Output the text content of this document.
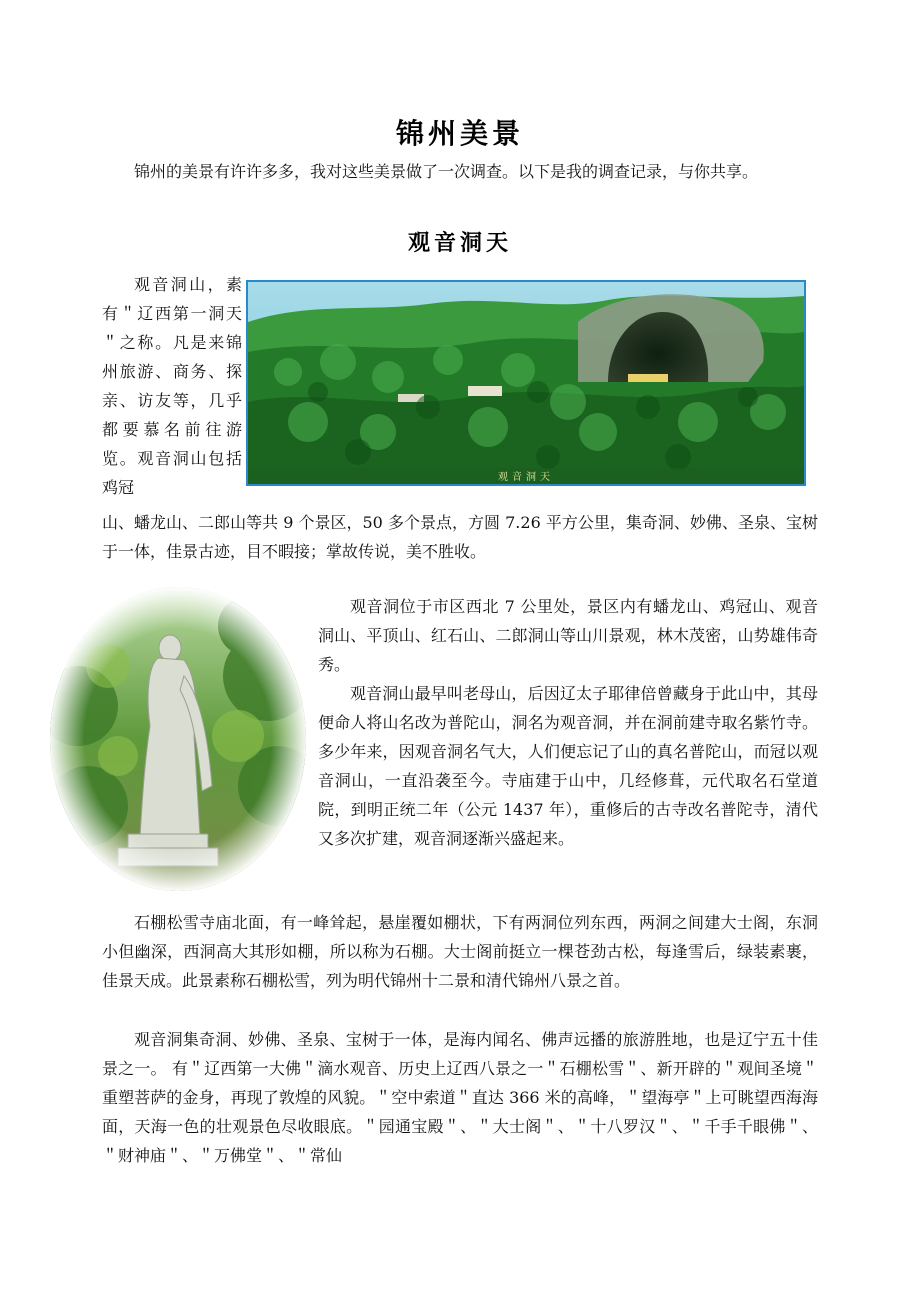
锦州美景

锦州的美景有许许多多，我对这些美景做了一次调查。以下是我的调查记录，与你共享。

观音洞天

观音洞山，素有＂辽西第一洞天＂之称。凡是来锦州旅游、商务、探亲、访友等，几乎都要慕名前往游览。观音洞山包括鸡冠

观音洞天

山、蟠龙山、二郎山等共 9 个景区，50 多个景点，方圆 7.26 平方公里，集奇洞、妙佛、圣泉、宝树于一体，佳景古迹，目不暇接；掌故传说，美不胜收。

观音洞位于市区西北 7 公里处，景区内有蟠龙山、鸡冠山、观音洞山、平顶山、红石山、二郎洞山等山川景观，林木茂密，山势雄伟奇秀。

观音洞山最早叫老母山，后因辽太子耶律倍曾藏身于此山中，其母便命人将山名改为普陀山，洞名为观音洞，并在洞前建寺取名紫竹寺。多少年来，因观音洞名气大，人们便忘记了山的真名普陀山，而冠以观音洞山，一直沿袭至今。寺庙建于山中，几经修葺，元代取名石堂道院，到明正统二年（公元 1437 年），重修后的古寺改名普陀寺，清代又多次扩建，观音洞逐渐兴盛起来。

石棚松雪寺庙北面，有一峰耸起，悬崖覆如棚状，下有两洞位列东西，两洞之间建大士阁，东洞小但幽深，西洞高大其形如棚，所以称为石棚。大士阁前挺立一棵苍劲古松，每逢雪后，绿装素裹，佳景天成。此景素称石棚松雪，列为明代锦州十二景和清代锦州八景之首。

观音洞集奇洞、妙佛、圣泉、宝树于一体，是海内闻名、佛声远播的旅游胜地，也是辽宁五十佳景之一。 有＂辽西第一大佛＂滴水观音、历史上辽西八景之一＂石棚松雪＂、新开辟的＂观间圣境＂重塑菩萨的金身，再现了敦煌的风貌。＂空中索道＂直达 366 米的高峰，＂望海亭＂上可眺望西海海面，天海一色的壮观景色尽收眼底。＂园通宝殿＂、＂大士阁＂、＂十八罗汉＂、＂千手千眼佛＂、＂财神庙＂、＂万佛堂＂、＂常仙
